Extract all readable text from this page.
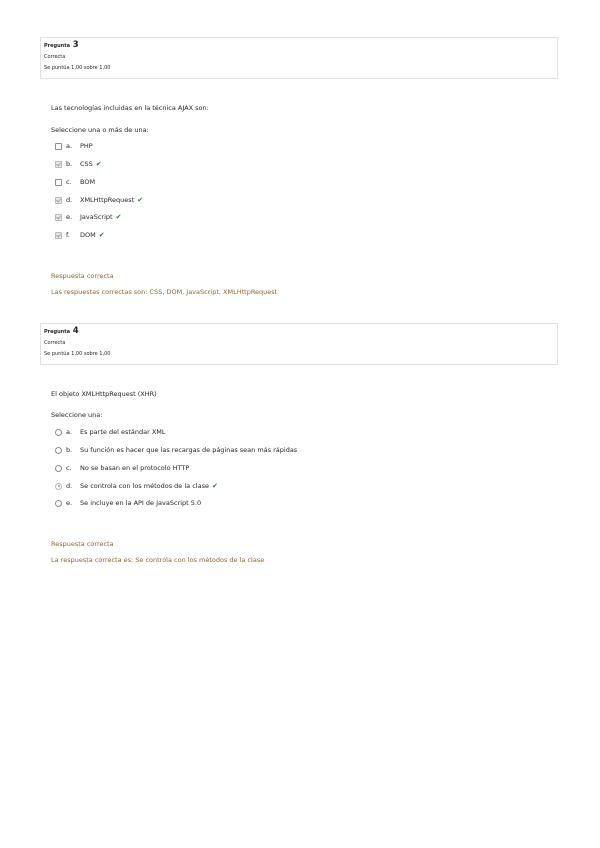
Pregunta 3
Correcta
Se puntúa 1,00 sobre 1,00
Las tecnologías incluidas en la técnica AJAX son:
Seleccione una o más de una:
a.	PHP
b.	CSS ✔
c.	BOM
d.	XMLHttpRequest ✔
e.	JavaScript ✔
f.	DOM ✔
Respuesta correcta
Las respuestas correctas son: CSS, DOM, JavaScript, XMLHttpRequest
Pregunta 4
Correcta
Se puntúa 1,00 sobre 1,00
El objeto XMLHttpRequest (XHR)
Seleccione una:
a.	Es parte del estándar XML
b.	Su función es hacer que las recargas de páginas sean más rápidas
c.	No se basan en el protocolo HTTP
d.	Se controla con los métodos de la clase ✔
e.	Se incluye en la API de JavaScript 5.0
Respuesta correcta
La respuesta correcta es: Se controla con los métodos de la clase
